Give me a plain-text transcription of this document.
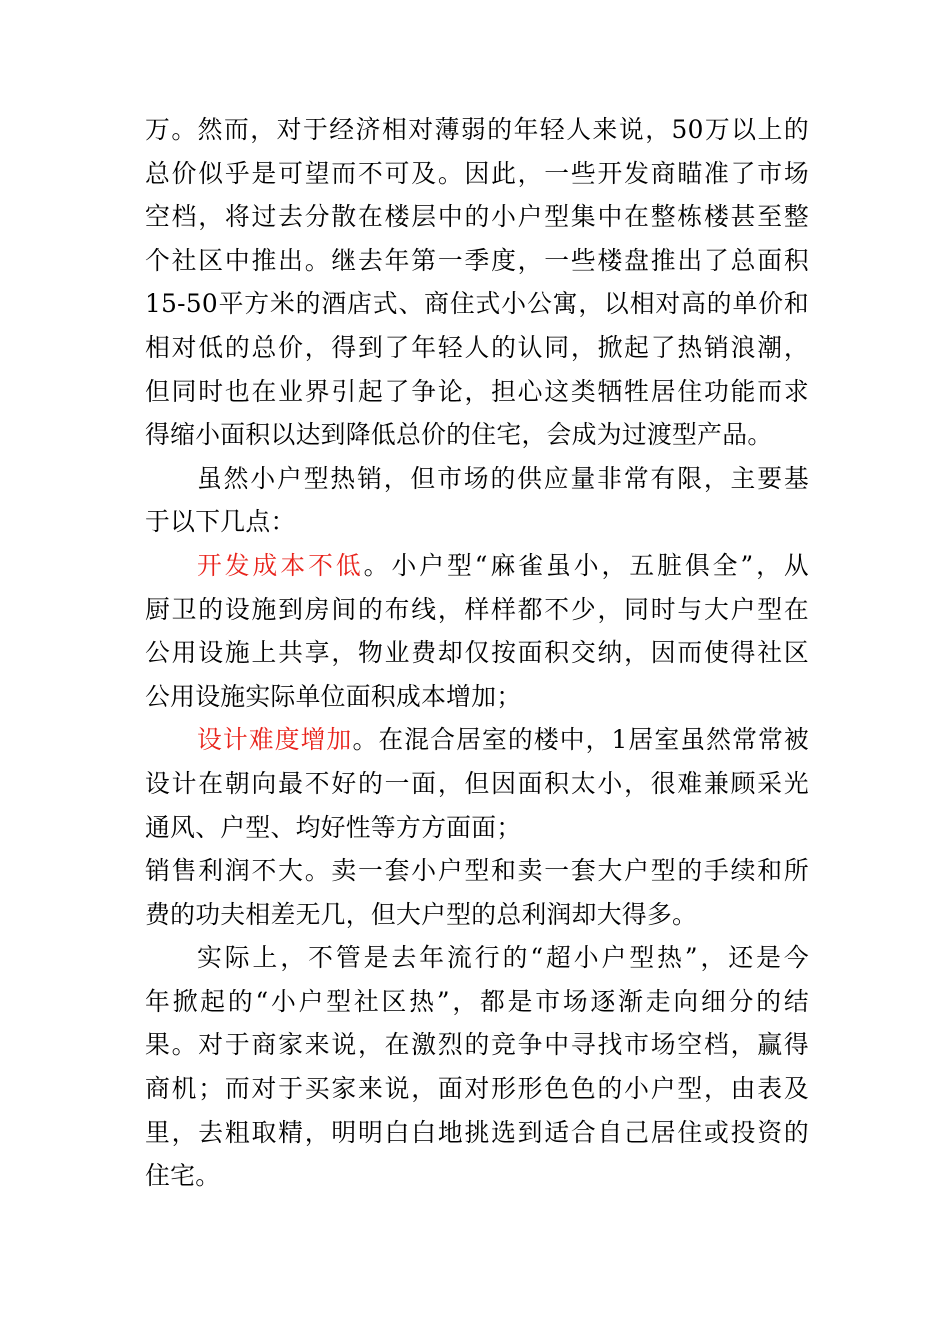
万。然而，对于经济相对薄弱的年轻人来说，50万以上的
总价似乎是可望而不可及。因此，一些开发商瞄准了市场
空档，将过去分散在楼层中的小户型集中在整栋楼甚至整
个社区中推出。继去年第一季度，一些楼盘推出了总面积
15-50平方米的酒店式、商住式小公寓，以相对高的单价和
相对低的总价，得到了年轻人的认同，掀起了热销浪潮，
但同时也在业界引起了争论，担心这类牺牲居住功能而求
得缩小面积以达到降低总价的住宅，会成为过渡型产品。
虽然小户型热销，但市场的供应量非常有限，主要基
于以下几点：
开发成本不低。小户型“麻雀虽小，五脏俱全”，从
厨卫的设施到房间的布线，样样都不少，同时与大户型在
公用设施上共享，物业费却仅按面积交纳，因而使得社区
公用设施实际单位面积成本增加；
设计难度增加。在混合居室的楼中，1居室虽然常常被
设计在朝向最不好的一面，但因面积太小，很难兼顾采光
通风、户型、均好性等方方面面；
销售利润不大。卖一套小户型和卖一套大户型的手续和所
费的功夫相差无几，但大户型的总利润却大得多。
实际上，不管是去年流行的“超小户型热”，还是今
年掀起的“小户型社区热”，都是市场逐渐走向细分的结
果。对于商家来说，在激烈的竞争中寻找市场空档，赢得
商机；而对于买家来说，面对形形色色的小户型，由表及
里，去粗取精，明明白白地挑选到适合自己居住或投资的
住宅。
